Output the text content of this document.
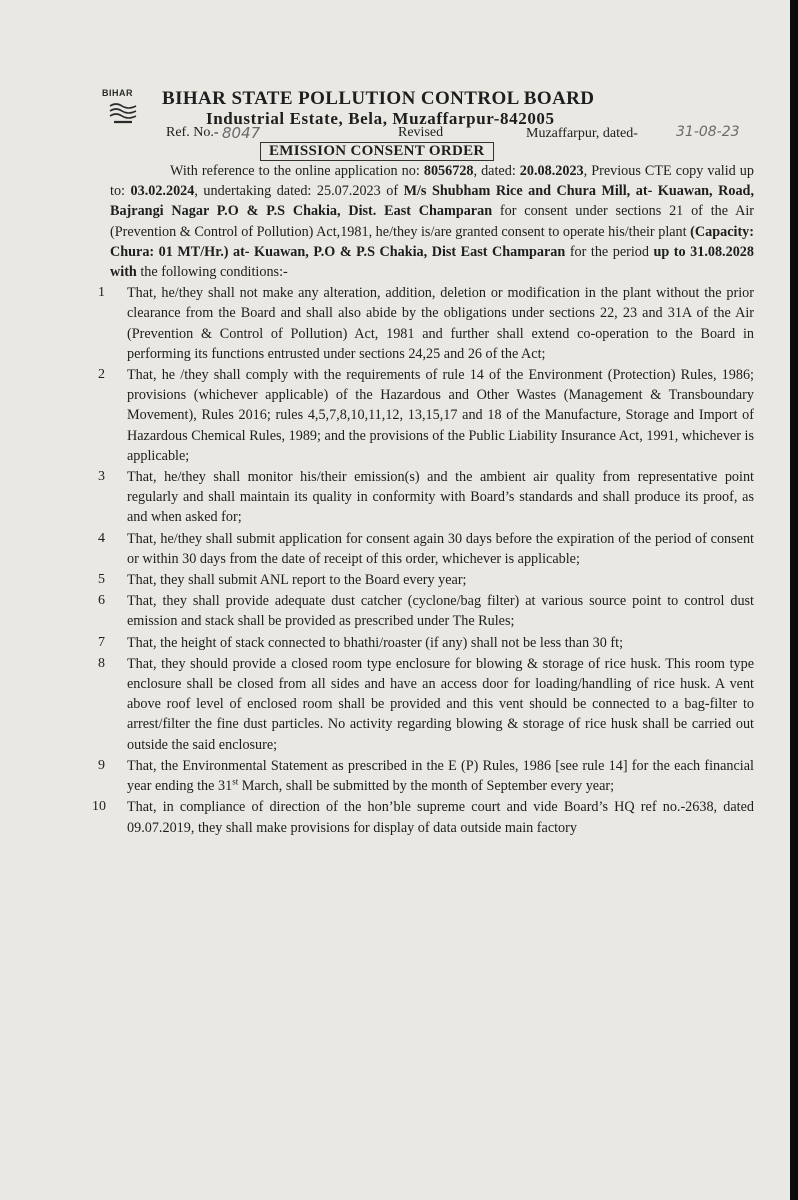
BIHAR BIHAR STATE POLLUTION CONTROL BOARD
Industrial Estate, Bela, Muzaffarpur-842005
Ref. No.- 8047	Revised	Muzaffarpur, dated-	31-08-23
EMISSION CONSENT ORDER

With reference to the online application no: 8056728, dated: 20.08.2023, Previous CTE copy valid up to: 03.02.2024, undertaking dated: 25.07.2023 of M/s Shubham Rice and Chura Mill, at- Kuawan, Road, Bajrangi Nagar P.O & P.S Chakia, Dist. East Champaran for consent under sections 21 of the Air (Prevention & Control of Pollution) Act,1981, he/they is/are granted consent to operate his/their plant (Capacity: Chura: 01 MT/Hr.) at- Kuawan, P.O & P.S Chakia, Dist East Champaran for the period up to 31.08.2028 with the following conditions:-

1 That, he/they shall not make any alteration, addition, deletion or modification in the plant without the prior clearance from the Board and shall also abide by the obligations under sections 22, 23 and 31A of the Air (Prevention & Control of Pollution) Act, 1981 and further shall extend co-operation to the Board in performing its functions entrusted under sections 24,25 and 26 of the Act;

2 That, he /they shall comply with the requirements of rule 14 of the Environment (Protection) Rules, 1986; provisions (whichever applicable) of the Hazardous and Other Wastes (Management & Transboundary Movement), Rules 2016; rules 4,5,7,8,10,11,12, 13,15,17 and 18 of the Manufacture, Storage and Import of Hazardous Chemical Rules, 1989; and the provisions of the Public Liability Insurance Act, 1991, whichever is applicable;

3 That, he/they shall monitor his/their emission(s) and the ambient air quality from representative point regularly and shall maintain its quality in conformity with Board’s standards and shall produce its proof, as and when asked for;

4 That, he/they shall submit application for consent again 30 days before the expiration of the period of consent or within 30 days from the date of receipt of this order, whichever is applicable;

5 That, they shall submit ANL report to the Board every year;

6 That, they shall provide adequate dust catcher (cyclone/bag filter) at various source point to control dust emission and stack shall be provided as prescribed under The Rules;

7 That, the height of stack connected to bhathi/roaster (if any) shall not be less than 30 ft;

8 That, they should provide a closed room type enclosure for blowing & storage of rice husk. This room type enclosure shall be closed from all sides and have an access door for loading/handling of rice husk. A vent above roof level of enclosed room shall be provided and this vent should be connected to a bag-filter to arrest/filter the fine dust particles. No activity regarding blowing & storage of rice husk shall be carried out outside the said enclosure;

9 That, the Environmental Statement as prescribed in the E (P) Rules, 1986 [see rule 14] for the each financial year ending the 31st March, shall be submitted by the month of September every year;

10 That, in compliance of direction of the hon’ble supreme court and vide Board’s HQ ref no.-2638, dated 09.07.2019, they shall make provisions for display of data outside main factory
